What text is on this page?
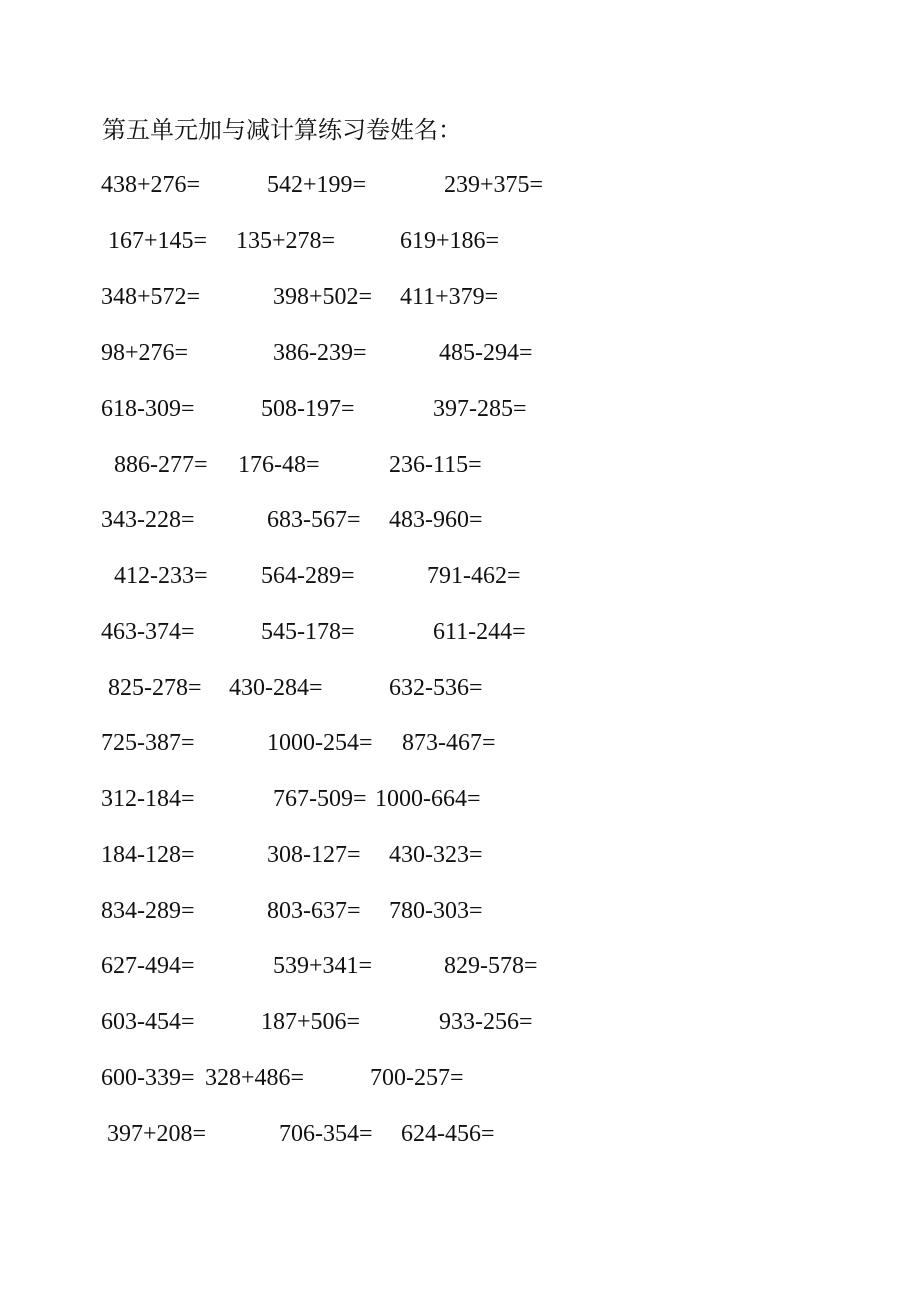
第五单元加与减计算练习卷姓名：
438+276=	542+199=	239+375=
167+145= 135+278=	619+186=
348+572=	398+502= 411+379=
98+276=	386-239=	485-294=
618-309=	508-197=	397-285=
886-277= 176-48=	236-115=
343-228=	683-567= 483-960=
412-233= 564-289=	791-462=
463-374=	545-178=	611-244=
825-278= 430-284=	632-536=
725-387=	1000-254= 873-467=
312-184=	767-509= 1000-664=
184-128=	308-127= 430-323=
834-289=	803-637= 780-303=
627-494=	539+341=	829-578=
603-454=	187+506=	933-256=
600-339= 328+486=	700-257=
397+208=	706-354= 624-456=
